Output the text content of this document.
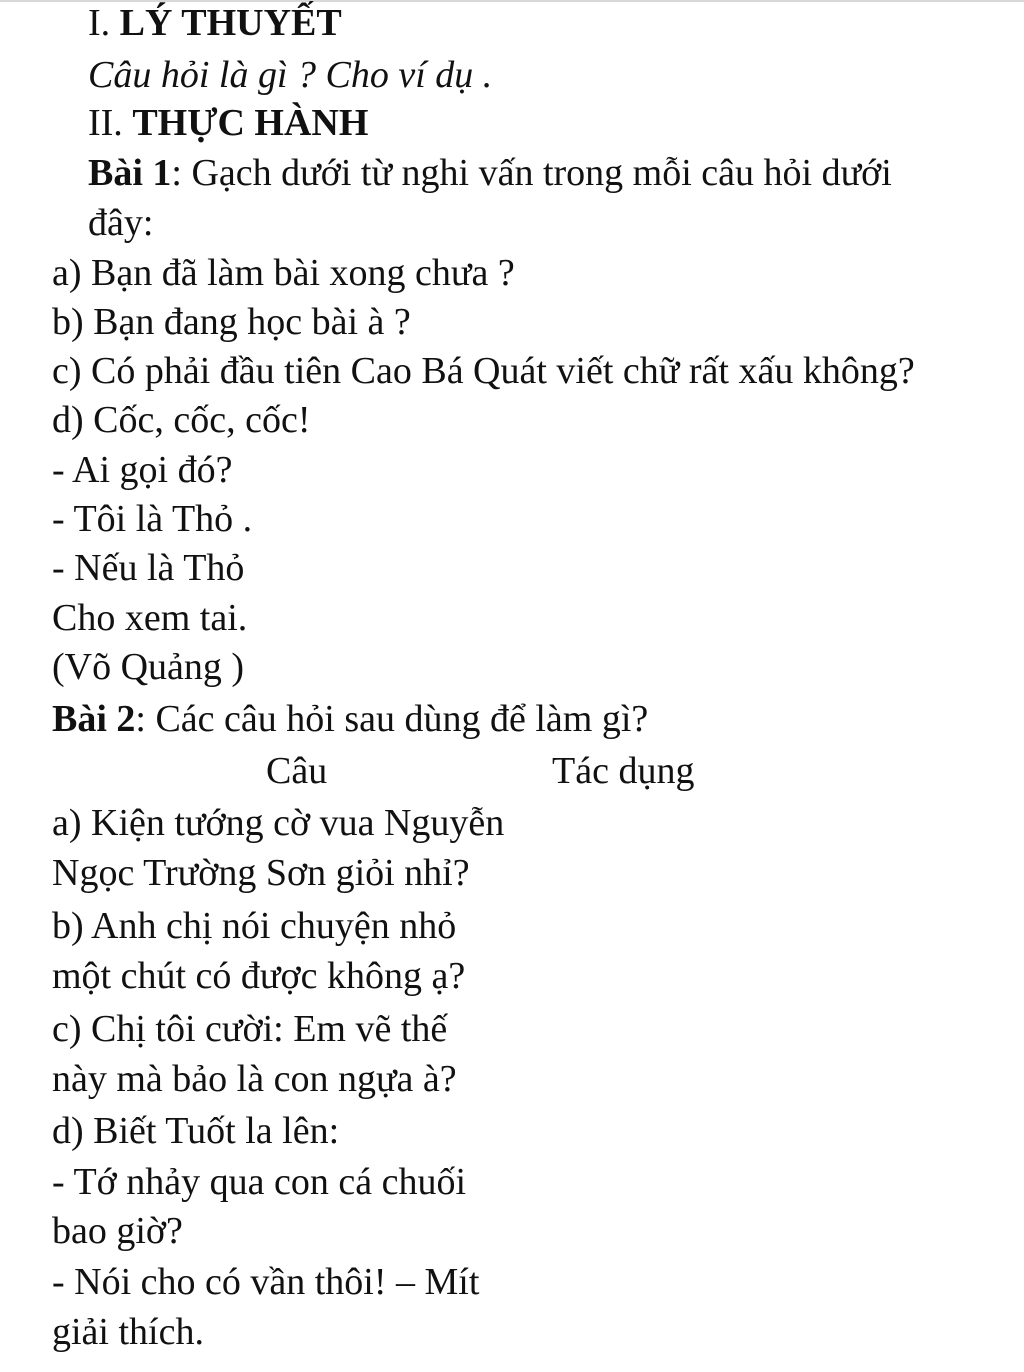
I. LÝ THUYẾT
Câu hỏi là gì ? Cho ví dụ .
II. THỰC HÀNH
Bài 1: Gạch dưới từ nghi vấn trong mỗi câu hỏi dưới
đây:
a) Bạn đã làm bài xong chưa ?
b) Bạn đang học bài à ?
c) Có phải đầu tiên Cao Bá Quát viết chữ rất xấu không?
d) Cốc, cốc, cốc!
- Ai gọi đó?
- Tôi là Thỏ .
- Nếu là Thỏ
Cho xem tai.
(Võ Quảng )
Bài 2: Các câu hỏi sau dùng để làm gì?
Câu	Tác dụng
a) Kiện tướng cờ vua Nguyễn
Ngọc Trường Sơn giỏi nhỉ?
b) Anh chị nói chuyện nhỏ
một chút có được không ạ?
c) Chị tôi cười: Em vẽ thế
này mà bảo là con ngựa à?
d) Biết Tuốt la lên:
- Tớ nhảy qua con cá chuối
bao giờ?
- Nói cho có vần thôi! – Mít
giải thích.
